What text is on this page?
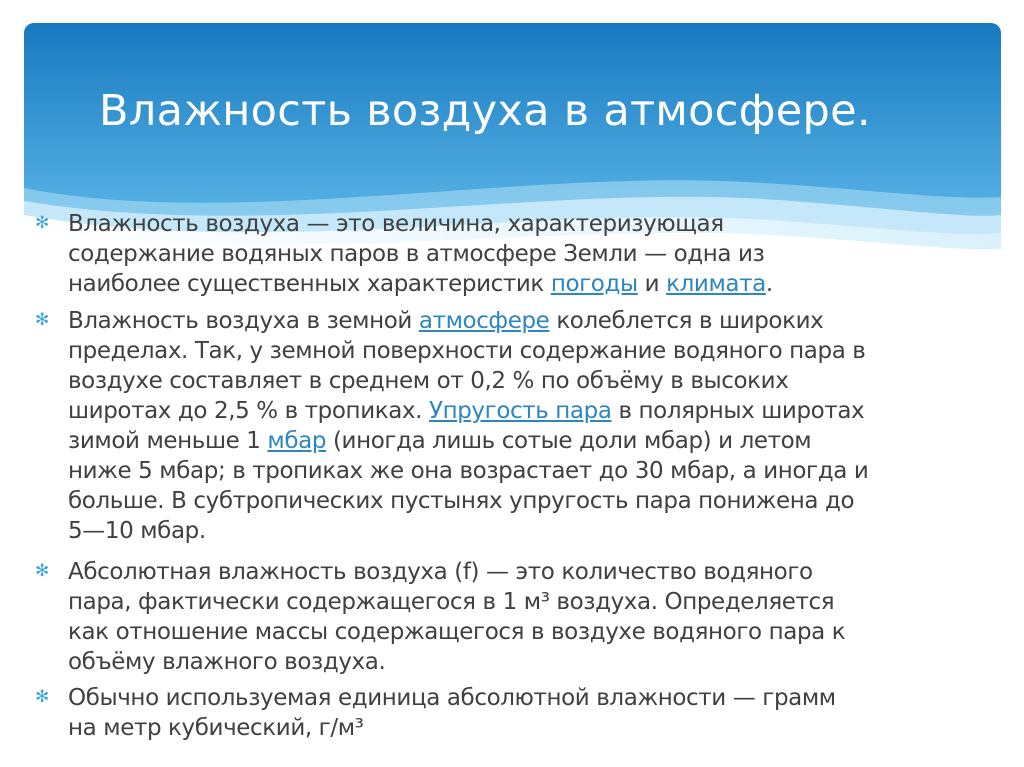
Влажность воздуха в атмосфере.
✻ Влажность воздуха — это величина, характеризующая
содержание водяных паров в атмосфере Земли — одна из
наиболее существенных характеристик погоды и климата.

✻ Влажность воздуха в земной атмосфере колеблется в широких
пределах. Так, у земной поверхности содержание водяного пара в
воздухе составляет в среднем от 0,2 % по объёму в высоких
широтах до 2,5 % в тропиках. Упругость пара в полярных широтах
зимой меньше 1 мбар (иногда лишь сотые доли мбар) и летом
ниже 5 мбар; в тропиках же она возрастает до 30 мбар, а иногда и
больше. В субтропических пустынях упругость пара понижена до
5—10 мбар.

✻ Абсолютная влажность воздуха (f) — это количество водяного
пара, фактически содержащегося в 1 м³ воздуха. Определяется
как отношение массы содержащегося в воздухе водяного пара к
объёму влажного воздуха.

✻ Обычно используемая единица абсолютной влажности — грамм
на метр кубический, г/м³
